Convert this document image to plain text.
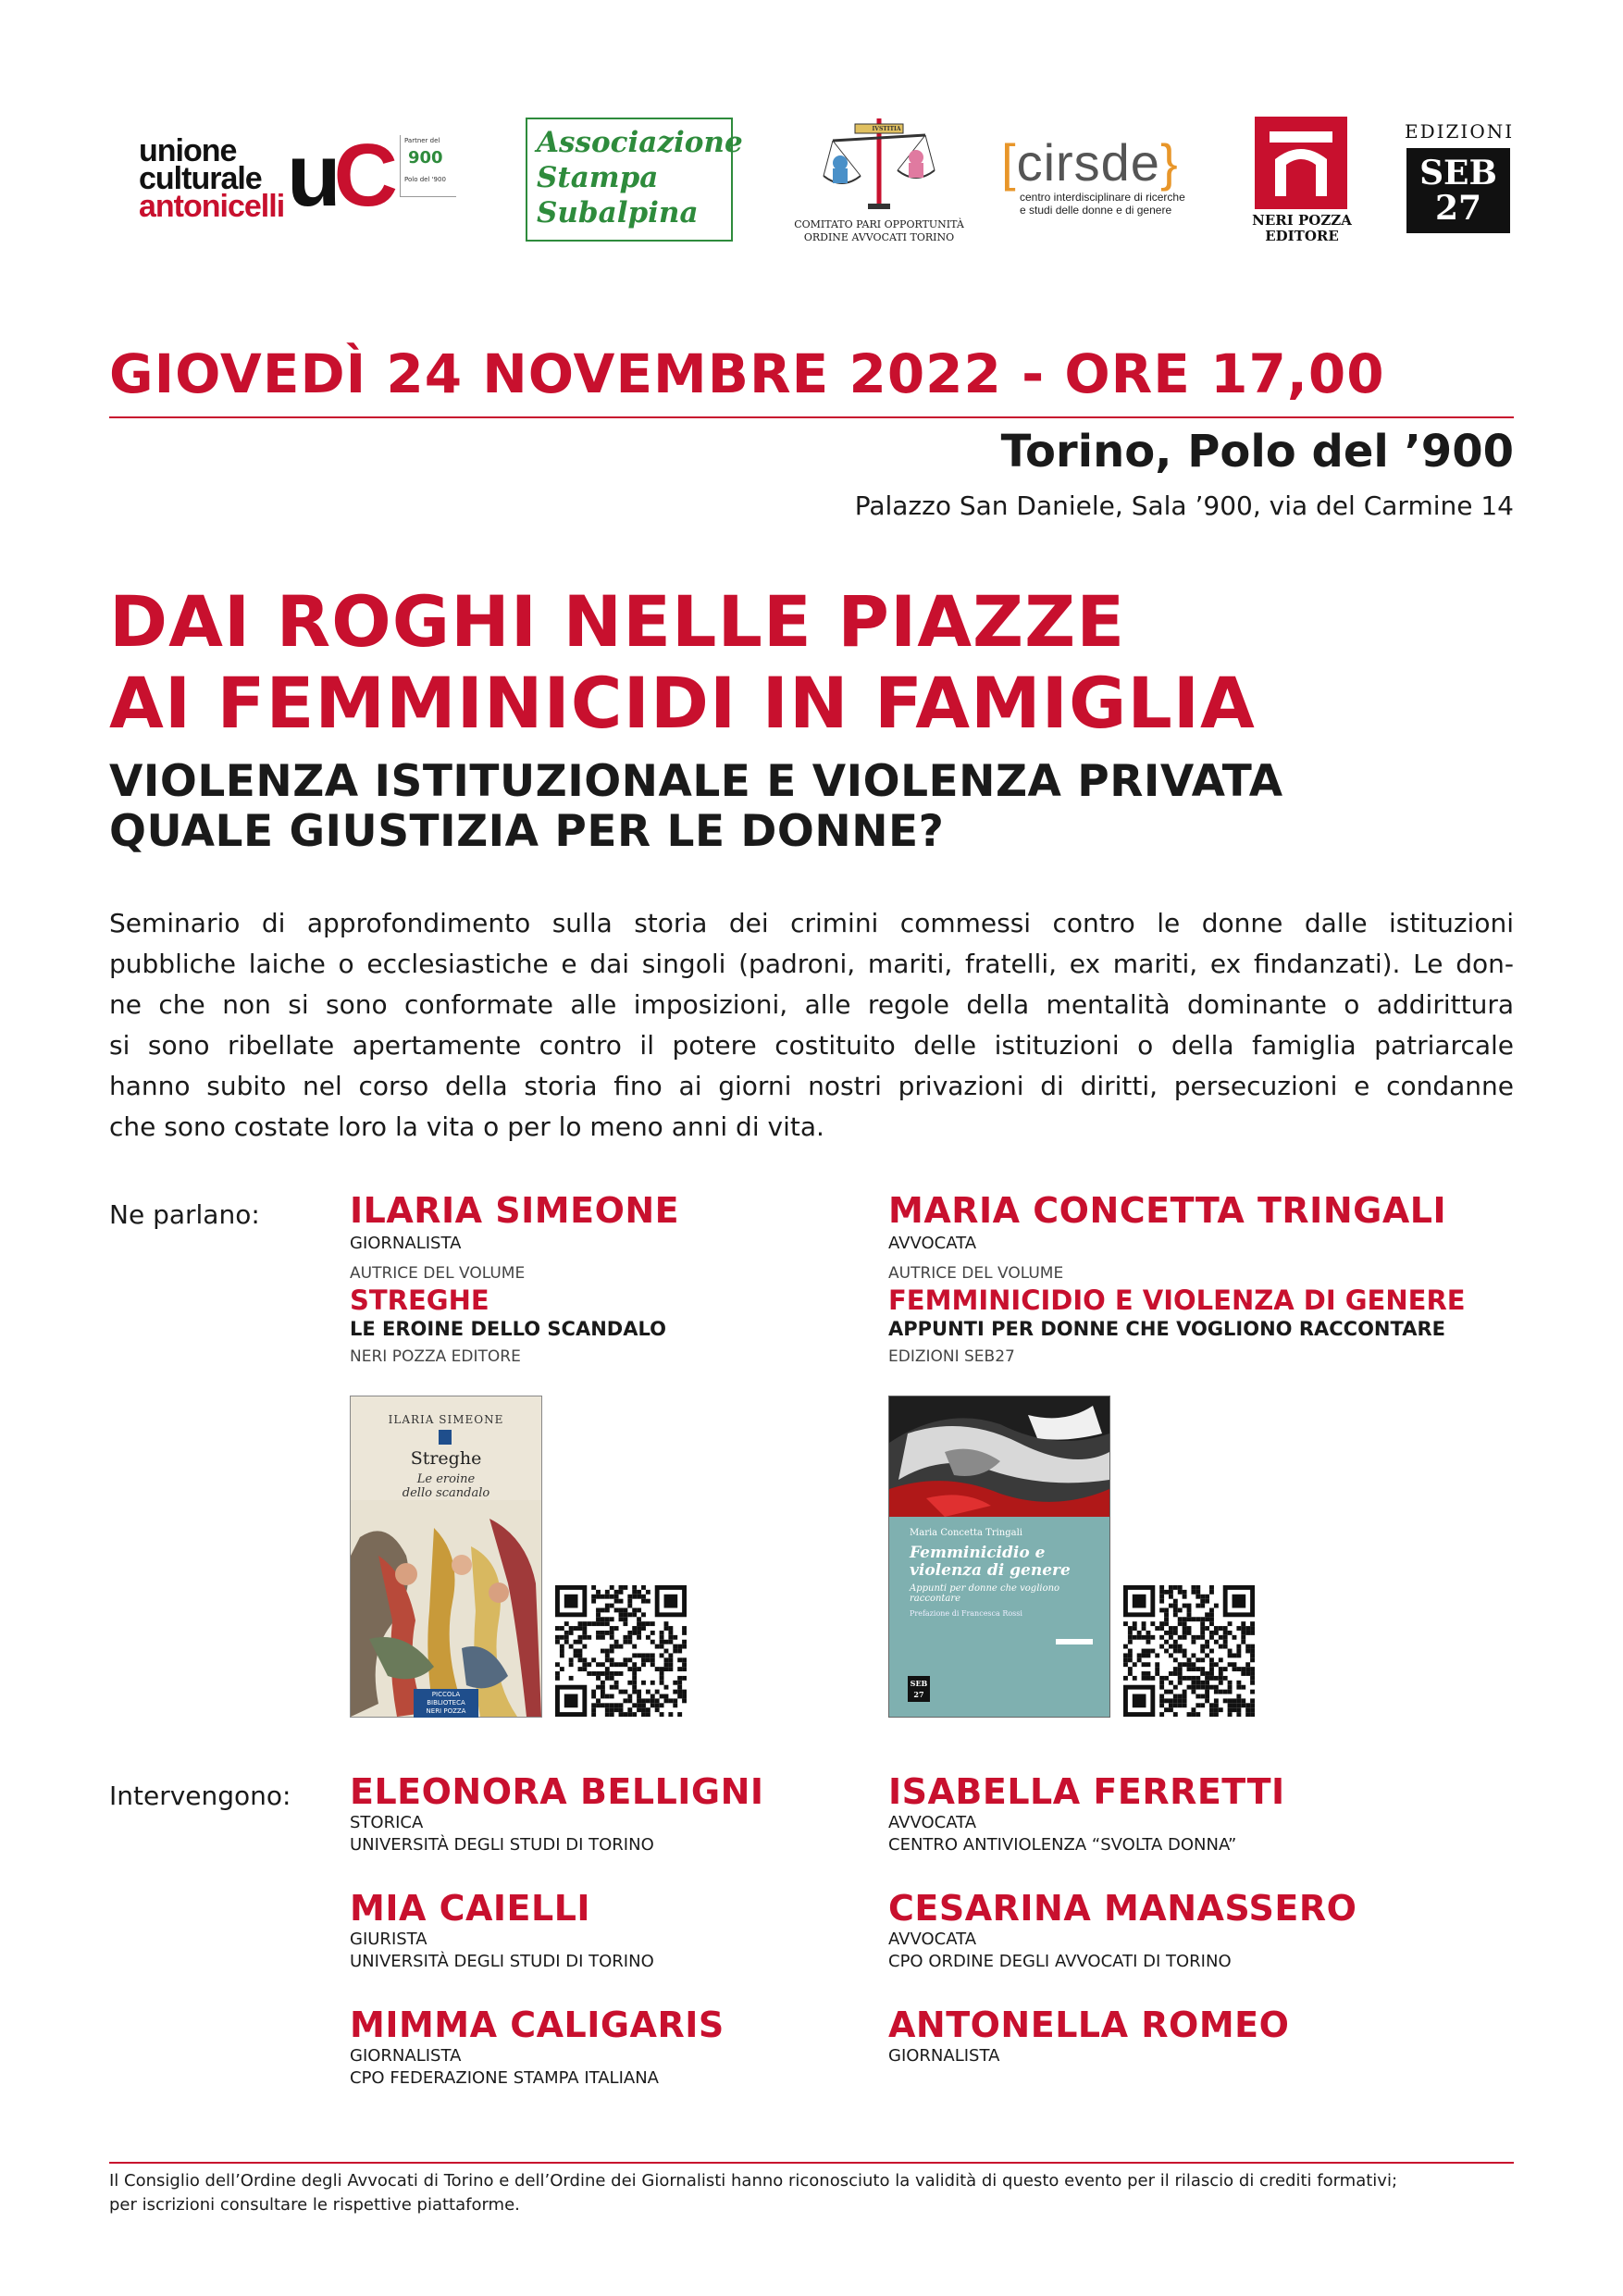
unione
culturale
antonicelli uC Partner del
900
Polo del '900
Associazione
Stampa
Subalpina
IVSTITIA
COMITATO PARI OPPORTUNITÀ
ORDINE AVVOCATI TORINO
[cirsde}
centro interdisciplinare di ricerche
e studi delle donne e di genere
NERI POZZA
EDITORE
EDIZIONI
SEB
27
GIOVEDÌ 24 NOVEMBRE 2022 - ORE 17,00
Torino, Polo del ’900
Palazzo San Daniele, Sala ’900, via del Carmine 14
DAI ROGHI NELLE PIAZZE
AI FEMMINICIDI IN FAMIGLIA
VIOLENZA ISTITUZIONALE E VIOLENZA PRIVATA
QUALE GIUSTIZIA PER LE DONNE?
Seminario di approfondimento sulla storia dei crimini commessi contro le donne dalle istituzioni
pubbliche laiche o ecclesiastiche e dai singoli (padroni, mariti, fratelli, ex mariti, ex findanzati). Le don-
ne che non si sono conformate alle imposizioni, alle regole della mentalità dominante o addirittura
si sono ribellate apertamente contro il potere costituito delle istituzioni o della famiglia patriarcale
hanno subito nel corso della storia fino ai giorni nostri privazioni di diritti, persecuzioni e condanne
che sono costate loro la vita o per lo meno anni di vita.
Ne parlano:	ILARIA SIMEONE
GIORNALISTA
AUTRICE DEL VOLUME
STREGHE
LE EROINE DELLO SCANDALO
NERI POZZA EDITORE
MARIA CONCETTA TRINGALI
AVVOCATA
AUTRICE DEL VOLUME
FEMMINICIDIO E VIOLENZA DI GENERE
APPUNTI PER DONNE CHE VOGLIONO RACCONTARE
EDIZIONI SEB27
ILARIA SIMEONE
Streghe
Le eroine
dello scandalo
PICCOLA BIBLIOTECA
NERI POZZA
Maria Concetta Tringali
Femminicidio e
violenza di genere
Appunti per donne che vogliono raccontare
Prefazione di Francesca Rossi
SEB
27
Intervengono: ELEONORA BELLIGNI
STORICA
UNIVERSITÀ DEGLI STUDI DI TORINO
ISABELLA FERRETTI
AVVOCATA
CENTRO ANTIVIOLENZA “SVOLTA DONNA”
MIA CAIELLI
GIURISTA
UNIVERSITÀ DEGLI STUDI DI TORINO
CESARINA MANASSERO
AVVOCATA
CPO ORDINE DEGLI AVVOCATI DI TORINO
MIMMA CALIGARIS
GIORNALISTA
CPO FEDERAZIONE STAMPA ITALIANA
ANTONELLA ROMEO
GIORNALISTA
Il Consiglio dell’Ordine degli Avvocati di Torino e dell’Ordine dei Giornalisti hanno riconosciuto la validità di questo evento per il rilascio di crediti formativi;
per iscrizioni consultare le rispettive piattaforme.
